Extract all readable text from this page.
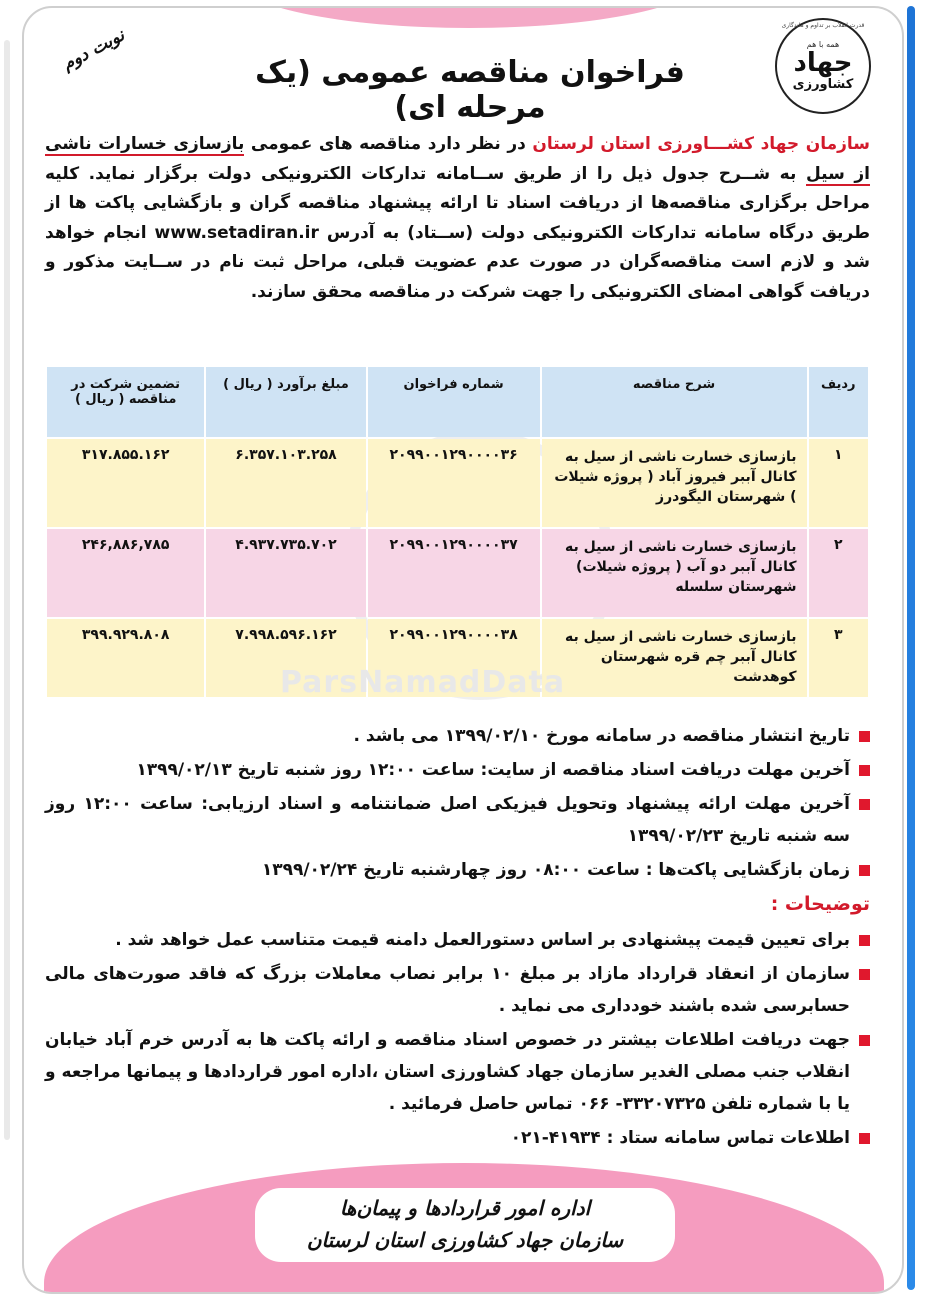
قدرت انقلاب بر تداوم و ماندگاری
همه با هم
جهاد
کشاورزی
فراخوان مناقصه عمومی (یک مرحله ای)
نوبت دوم
سازمان جهاد کشـــاورزی استان لرستان در نظر دارد مناقصه های عمومی بازسازی خسارات ناشی از سیل به شــرح جدول ذیل را از طریق ســامانه تدارکات الکترونیکی دولت برگزار نماید. کلیه مراحل برگزاری مناقصه‌ها از دریافت اسناد تا ارائه پیشنهاد مناقصه گران و بازگشایی پاکت ها از طریق درگاه سامانه تدارکات الکترونیکی دولت (ســتاد) به آدرس www.setadiran.ir انجام خواهد شد و لازم است مناقصه‌گران در صورت عدم عضویت قبلی، مراحل ثبت نام در ســایت مذکور و دریافت گواهی امضای الکترونیکی را جهت شرکت در مناقصه محقق سازند.
ردیف	شرح مناقصه	شماره فراخوان	مبلغ برآورد ( ریال )	تضمین شرکت در مناقصه ( ریال )
۱	بازسازی خسارت ناشی از سیل به کانال آببر فیروز آباد ( پروژه شیلات ) شهرستان الیگودرز	۲۰۹۹۰۰۱۲۹۰۰۰۰۳۶	۶.۳۵۷.۱۰۳.۲۵۸	۳۱۷.۸۵۵.۱۶۲
۲	بازسازی خسارت ناشی از سیل به کانال آببر دو آب ( پروژه شیلات) شهرستان سلسله	۲۰۹۹۰۰۱۲۹۰۰۰۰۳۷	۴.۹۳۷.۷۳۵.۷۰۲	۲۴۶,۸۸۶,۷۸۵
۳	بازسازی خسارت ناشی از سیل به کانال آببر چم قره شهرستان کوهدشت	۲۰۹۹۰۰۱۲۹۰۰۰۰۳۸	۷.۹۹۸.۵۹۶.۱۶۲	۳۹۹.۹۲۹.۸۰۸
ParsNamadData
تاریخ انتشار مناقصه در سامانه مورخ ۱۳۹۹/۰۲/۱۰ می باشد .
آخرین مهلت دریافت اسناد مناقصه از سایت: ساعت ۱۲:۰۰ روز شنبه تاریخ ۱۳۹۹/۰۲/۱۳
آخرین مهلت ارائه پیشنهاد وتحویل فیزیکی اصل ضمانتنامه و اسناد ارزیابی: ساعت ۱۲:۰۰ روز سه شنبه تاریخ ۱۳۹۹/۰۲/۲۳
زمان بازگشایی پاکت‌ها : ساعت ۰۸:۰۰ روز چهارشنبه تاریخ ۱۳۹۹/۰۲/۲۴
توضیحات :
برای تعیین قیمت پیشنهادی بر اساس دستورالعمل دامنه قیمت متناسب عمل خواهد شد .
سازمان از انعقاد قرارداد مازاد بر مبلغ ۱۰ برابر نصاب معاملات بزرگ که فاقد صورت‌های مالی حسابرسی شده باشند خودداری می نماید .
جهت دریافت اطلاعات بیشتر در خصوص اسناد مناقصه و ارائه پاکت ها به آدرس خرم آباد خیابان انقلاب جنب مصلی الغدیر سازمان جهاد کشاورزی استان ،اداره امور قراردادها و پیمانها مراجعه و یا با شماره تلفن ۳۳۲۰۷۳۲۵- ۰۶۶ تماس حاصل فرمائید .
اطلاعات تماس سامانه ستاد : ۴۱۹۳۴-۰۲۱
اداره امور قراردادها و پیمان‌ها
سازمان جهاد کشاورزی استان لرستان
